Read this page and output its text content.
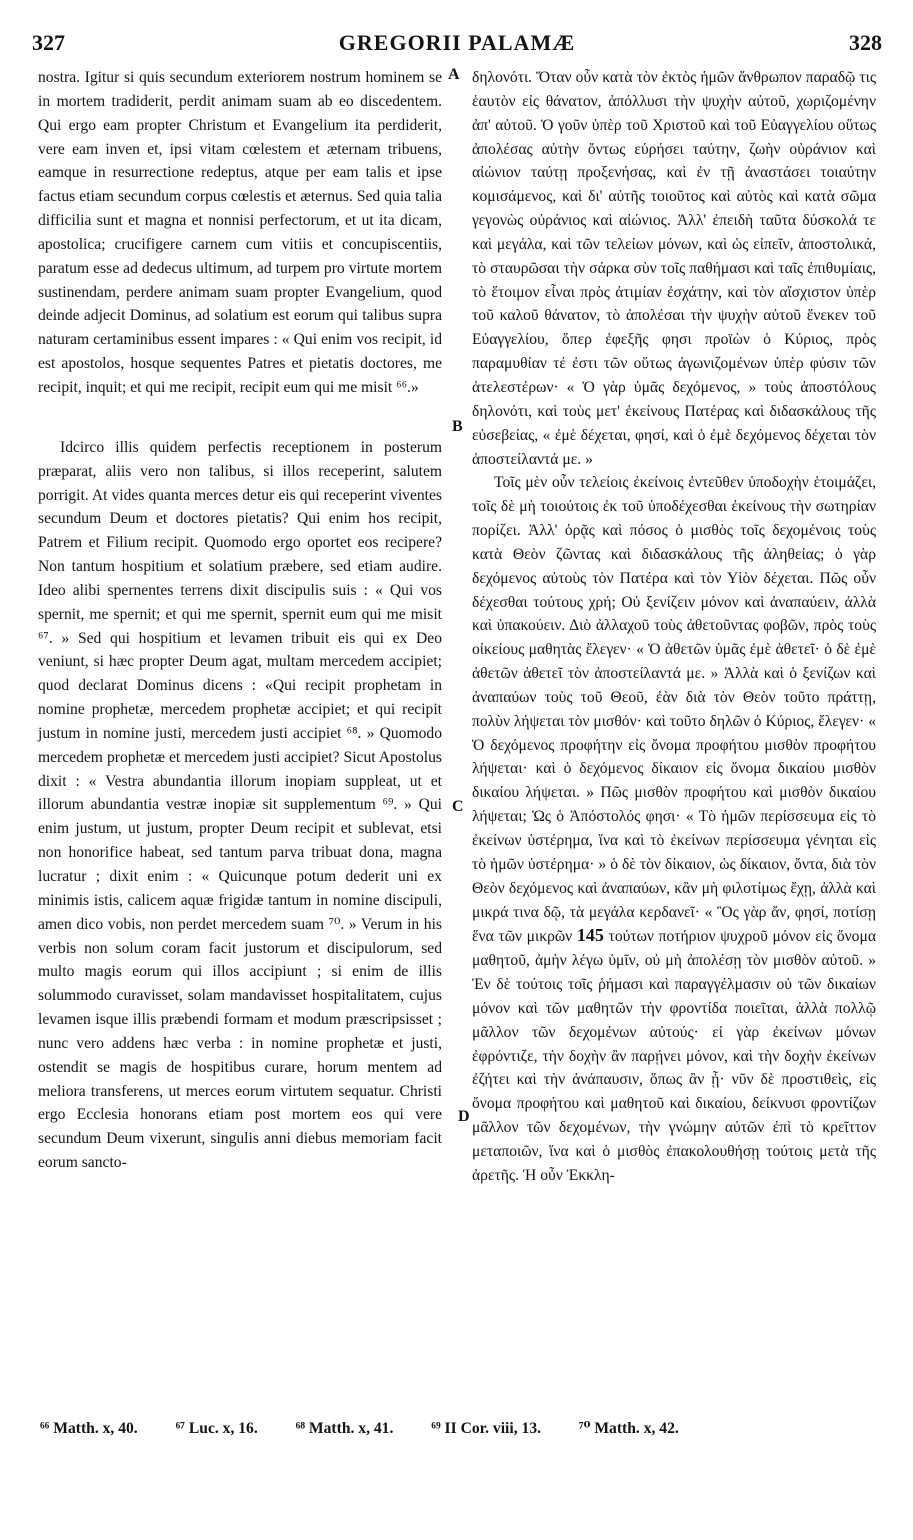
327	GREGORII PALAMÆ	328

nostra. Igitur si quis secundum exteriorem nostrum hominem se in mortem tradiderit, perdit animam suam ab eo discedentem. Qui ergo eam propter Christum et Evangelium ita perdiderit, vere eam inven et, ipsi vitam cœlestem et æternam tribuens, eamque in resurrectione redeptus, atque per eam talis et ipse factus etiam secundum corpus cœlestis et æternus. Sed quia talia difficilia sunt et magna et nonnisi perfectorum, et ut ita dicam, apostolica; crucifigere carnem cum vitiis et concupiscentiis, paratum esse ad dedecus ultimum, ad turpem pro virtute mortem sustinendam, perdere animam suam propter Evangelium, quod deinde adjecit Dominus, ad solatium est eorum qui talibus supra naturam certaminibus essent impares : « Qui enim vos recipit, id est apostolos, hosque sequentes Patres et pietatis doctores, me recipit, inquit; et qui me recipit, recipit eum qui me misit ⁶⁶.»

Idcirco illis quidem perfectis receptionem in posterum præparat, aliis vero non talibus, si illos receperint, salutem porrigit. At vides quanta merces detur eis qui receperint viventes secundum Deum et doctores pietatis? Qui enim hos recipit, Patrem et Filium recipit. Quomodo ergo oportet eos recipere? Non tantum hospitium et solatium præbere, sed etiam audire. Ideo alibi spernentes terrens dixit discipulis suis : « Qui vos spernit, me spernit; et qui me spernit, spernit eum qui me misit ⁶⁷. » Sed qui hospitium et levamen tribuit eis qui ex Deo veniunt, si hæc propter Deum agat, multam mercedem accipiet; quod declarat Dominus dicens : «Qui recipit prophetam in nomine prophetæ, mercedem prophetæ accipiet; et qui recipit justum in nomine justi, mercedem justi accipiet ⁶⁸. » Quomodo mercedem prophetæ et mercedem justi accipiet? Sicut Apostolus dixit : « Vestra abundantia illorum inopiam suppleat, ut et illorum abundantia vestræ inopiæ sit supplementum ⁶⁹. » Qui enim justum, ut justum, propter Deum recipit et sublevat, etsi non honorifice habeat, sed tantum parva tribuat dona, magna lucratur ; dixit enim : « Quicunque potum dederit uni ex minimis istis, calicem aquæ frigidæ tantum in nomine discipuli, amen dico vobis, non perdet mercedem suam ⁷⁰. » Verum in his verbis non solum coram facit justorum et discipulorum, sed multo magis eorum qui illos accipiunt ; si enim de illis solummodo curavisset, solam mandavisset hospitalitatem, cujus levamen isque illis præbendi formam et modum præscripsisset ; nunc vero addens hæc verba : in nomine prophetæ et justi, ostendit se magis de hospitibus curare, horum mentem ad meliora transferens, ut merces eorum virtutem sequatur. Christi ergo Ecclesia honorans etiam post mortem eos qui vere secundum Deum vixerunt, singulis anni diebus memoriam facit eorum sancto-

A
B
C
D

δηλονότι. Ὅταν οὖν κατὰ τὸν ἐκτὸς ἡμῶν ἄνθρωπον παραδῷ τις ἑαυτὸν εἰς θάνατον, ἀπόλλυσι τὴν ψυχὴν αὐτοῦ, χωριζομένην ἀπ' αὐτοῦ. Ὁ γοῦν ὑπὲρ τοῦ Χριστοῦ καὶ τοῦ Εὐαγγελίου οὕτως ἀπολέσας αὐτὴν ὄντως εὑρήσει ταύτην, ζωὴν οὐράνιον καὶ αἰώνιον ταύτῃ προξενήσας, καὶ ἐν τῇ ἀναστάσει τοιαύτην κομισάμενος, καὶ δι' αὐτῆς τοιοῦτος καὶ αὐτὸς καὶ κατὰ σῶμα γεγονὼς οὐράνιος καὶ αἰώνιος. Ἀλλ' ἐπειδὴ ταῦτα δύσκολά τε καὶ μεγάλα, καὶ τῶν τελείων μόνων, καὶ ὡς εἰπεῖν, ἀποστολικά, τὸ σταυρῶσαι τὴν σάρκα σὺν τοῖς παθήμασι καὶ ταῖς ἐπιθυμίαις, τὸ ἕτοιμον εἶναι πρὸς ἀτιμίαν ἐσχάτην, καὶ τὸν αἴσχιστον ὑπὲρ τοῦ καλοῦ θάνατον, τὸ ἀπολέσαι τὴν ψυχὴν αὐτοῦ ἕνεκεν τοῦ Εὐαγγελίου, ὅπερ ἐφεξῆς φησι προϊὼν ὁ Κύριος, πρὸς παραμυθίαν τέ ἐστι τῶν οὕτως ἀγωνιζομένων ὑπὲρ φύσιν τῶν ἀτελεστέρων· « Ὁ γὰρ ὑμᾶς δεχόμενος, » τοὺς ἀποστόλους δηλονότι, καὶ τοὺς μετ' ἐκείνους Πατέρας καὶ διδασκάλους τῆς εὐσεβείας, « ἐμὲ δέχεται, φησί, καὶ ὁ ἐμὲ δεχόμενος δέχεται τὸν ἀποστείλαντά με. »

Τοῖς μὲν οὖν τελείοις ἐκείνοις ἐντεῦθεν ὑποδοχὴν ἑτοιμάζει, τοῖς δὲ μὴ τοιούτοις ἐκ τοῦ ὑποδέχεσθαι ἐκείνους τὴν σωτηρίαν πορίζει. Ἀλλ' ὁρᾷς καὶ πόσος ὁ μισθὸς τοῖς δεχομένοις τοὺς κατὰ Θεὸν ζῶντας καὶ διδασκάλους τῆς ἀληθείας; ὁ γὰρ δεχόμενος αὐτοὺς τὸν Πατέρα καὶ τὸν Υἱὸν δέχεται. Πῶς οὖν δέχεσθαι τούτους χρή; Οὐ ξενίζειν μόνον καὶ ἀναπαύειν, ἀλλὰ καὶ ὑπακούειν. Διὸ ἀλλαχοῦ τοὺς ἀθετοῦντας φοβῶν, πρὸς τοὺς οἰκείους μαθητὰς ἔλεγεν· « Ὁ ἀθετῶν ὑμᾶς ἐμὲ ἀθετεῖ· ὁ δὲ ἐμὲ ἀθετῶν ἀθετεῖ τὸν ἀποστείλαντά με. » Ἀλλὰ καὶ ὁ ξενίζων καὶ ἀναπαύων τοὺς τοῦ Θεοῦ, ἐὰν διὰ τὸν Θεὸν τοῦτο πράττῃ, πολὺν λήψεται τὸν μισθόν· καὶ τοῦτο δηλῶν ὁ Κύριος, ἔλεγεν· « Ὁ δεχόμενος προφήτην εἰς ὄνομα προφήτου μισθὸν προφήτου λήψεται· καὶ ὁ δεχόμενος δίκαιον εἰς ὄνομα δικαίου μισθὸν δικαίου λήψεται. » Πῶς μισθὸν προφήτου καὶ μισθὸν δικαίου λήψεται; Ὡς ὁ Ἀπόστολός φησι· « Τὸ ἡμῶν περίσσευμα εἰς τὸ ἐκείνων ὑστέρημα, ἵνα καὶ τὸ ἐκείνων περίσσευμα γένηται εἰς τὸ ἡμῶν ὑστέρημα· » ὁ δὲ τὸν δίκαιον, ὡς δίκαιον, ὄντα, διὰ τὸν Θεὸν δεχόμενος καὶ ἀναπαύων, κἂν μὴ φιλοτίμως ἔχῃ, ἀλλὰ καὶ μικρά τινα δῷ, τὰ μεγάλα κερδανεῖ· « Ὃς γὰρ ἄν, φησί, ποτίσῃ ἕνα τῶν μικρῶν 145 τούτων ποτήριον ψυχροῦ μόνον εἰς ὄνομα μαθητοῦ, ἀμὴν λέγω ὑμῖν, οὐ μὴ ἀπολέσῃ τὸν μισθὸν αὐτοῦ. » Ἐν δὲ τούτοις τοῖς ῥήμασι καὶ παραγγέλμασιν οὐ τῶν δικαίων μόνον καὶ τῶν μαθητῶν τὴν φροντίδα ποιεῖται, ἀλλὰ πολλῷ μᾶλλον τῶν δεχομένων αὐτούς· εἰ γὰρ ἐκείνων μόνων ἐφρόντιζε, τὴν δοχὴν ἂν παρῄνει μόνον, καὶ τὴν δοχὴν ἐκείνων ἐζήτει καὶ τὴν ἀνάπαυσιν, ὅπως ἂν ᾖ· νῦν δὲ προστιθεὶς, εἰς ὄνομα προφήτου καὶ μαθητοῦ καὶ δικαίου, δείκνυσι φροντίζων μᾶλλον τῶν δεχομένων, τὴν γνώμην αὐτῶν ἐπὶ τὸ κρεῖττον μεταποιῶν, ἵνα καὶ ὁ μισθὸς ἐπακολουθήσῃ τούτοις μετὰ τῆς ἀρετῆς. Ἡ οὖν Ἐκκλη-

⁶⁶ Matth. x, 40. ⁶⁷ Luc. x, 16. ⁶⁸ Matth. x, 41. ⁶⁹ II Cor. viii, 13. ⁷⁰ Matth. x, 42.
